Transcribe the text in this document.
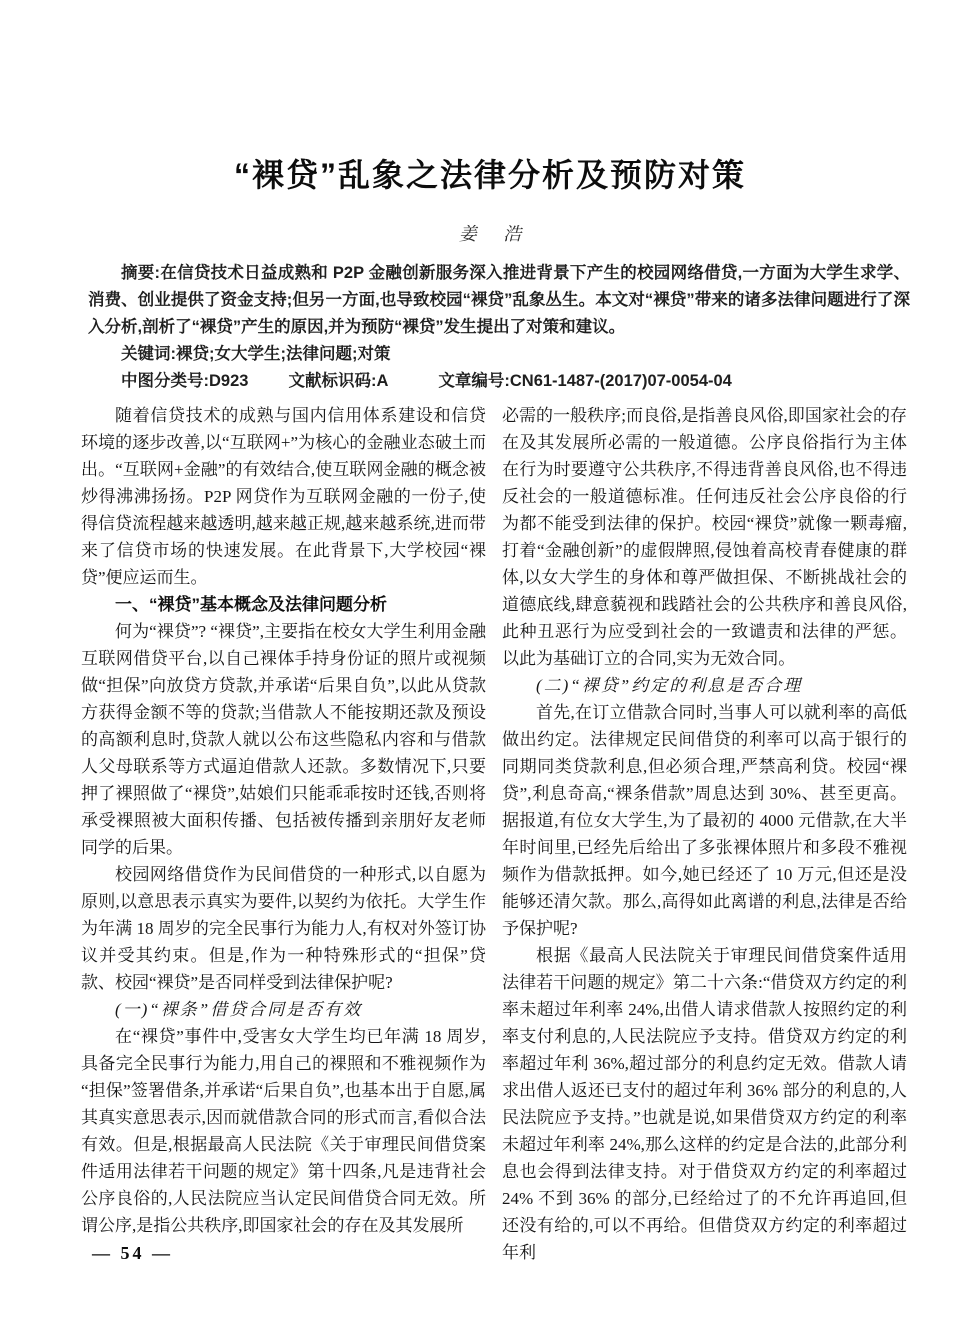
“裸贷”乱象之法律分析及预防对策
姜 浩

摘要:在信贷技术日益成熟和 P2P 金融创新服务深入推进背景下产生的校园网络借贷,一方面为大学生求学、消费、创业提供了资金支持;但另一方面,也导致校园“裸贷”乱象丛生。本文对“裸贷”带来的诸多法律问题进行了深入分析,剖析了“裸贷”产生的原因,并为预防“裸贷”发生提出了对策和建议。

关键词:裸贷;女大学生;法律问题;对策

中图分类号:D923 文献标识码:A	文章编号:CN61-1487-(2017)07-0054-04

随着信贷技术的成熟与国内信用体系建设和信贷环境的逐步改善,以“互联网+”为核心的金融业态破土而出。“互联网+金融”的有效结合,使互联网金融的概念被炒得沸沸扬扬。P2P 网贷作为互联网金融的一份子,使得信贷流程越来越透明,越来越正规,越来越系统,进而带来了信贷市场的快速发展。在此背景下,大学校园“裸贷”便应运而生。

一、“裸贷”基本概念及法律问题分析

何为“裸贷”? “裸贷”,主要指在校女大学生利用金融互联网借贷平台,以自己裸体手持身份证的照片或视频做“担保”向放贷方贷款,并承诺“后果自负”,以此从贷款方获得金额不等的贷款;当借款人不能按期还款及预设的高额利息时,贷款人就以公布这些隐私内容和与借款人父母联系等方式逼迫借款人还款。多数情况下,只要押了裸照做了“裸贷”,姑娘们只能乖乖按时还钱,否则将承受裸照被大面积传播、包括被传播到亲朋好友老师同学的后果。

校园网络借贷作为民间借贷的一种形式,以自愿为原则,以意思表示真实为要件,以契约为依托。大学生作为年满 18 周岁的完全民事行为能力人,有权对外签订协议并受其约束。但是,作为一种特殊形式的“担保”贷款、校园“裸贷”是否同样受到法律保护呢?

(一)“裸条”借贷合同是否有效

在“裸贷”事件中,受害女大学生均已年满 18 周岁,具备完全民事行为能力,用自己的裸照和不雅视频作为“担保”签署借条,并承诺“后果自负”,也基本出于自愿,属其真实意思表示,因而就借款合同的形式而言,看似合法有效。但是,根据最高人民法院《关于审理民间借贷案件适用法律若干问题的规定》第十四条,凡是违背社会公序良俗的,人民法院应当认定民间借贷合同无效。所谓公序,是指公共秩序,即国家社会的存在及其发展所

必需的一般秩序;而良俗,是指善良风俗,即国家社会的存在及其发展所必需的一般道德。公序良俗指行为主体在行为时要遵守公共秩序,不得违背善良风俗,也不得违反社会的一般道德标准。任何违反社会公序良俗的行为都不能受到法律的保护。校园“裸贷”就像一颗毒瘤,打着“金融创新”的虚假牌照,侵蚀着高校青春健康的群体,以女大学生的身体和尊严做担保、不断挑战社会的道德底线,肆意藐视和践踏社会的公共秩序和善良风俗,此种丑恶行为应受到社会的一致谴责和法律的严惩。以此为基础订立的合同,实为无效合同。

(二)“裸贷”约定的利息是否合理

首先,在订立借款合同时,当事人可以就利率的高低做出约定。法律规定民间借贷的利率可以高于银行的同期同类贷款利息,但必须合理,严禁高利贷。校园“裸贷”,利息奇高,“裸条借款”周息达到 30%、甚至更高。据报道,有位女大学生,为了最初的 4000 元借款,在大半年时间里,已经先后给出了多张裸体照片和多段不雅视频作为借款抵押。如今,她已经还了 10 万元,但还是没能够还清欠款。那么,高得如此离谱的利息,法律是否给予保护呢?

根据《最高人民法院关于审理民间借贷案件适用法律若干问题的规定》第二十六条:“借贷双方约定的利率未超过年利率 24%,出借人请求借款人按照约定的利率支付利息的,人民法院应予支持。借贷双方约定的利率超过年利 36%,超过部分的利息约定无效。借款人请求出借人返还已支付的超过年利 36% 部分的利息的,人民法院应予支持。”也就是说,如果借贷双方约定的利率未超过年利率 24%,那么这样的约定是合法的,此部分利息也会得到法律支持。对于借贷双方约定的利率超过 24% 不到 36% 的部分,已经给过了的不允许再追回,但还没有给的,可以不再给。但借贷双方约定的利率超过年利

— 54 —
